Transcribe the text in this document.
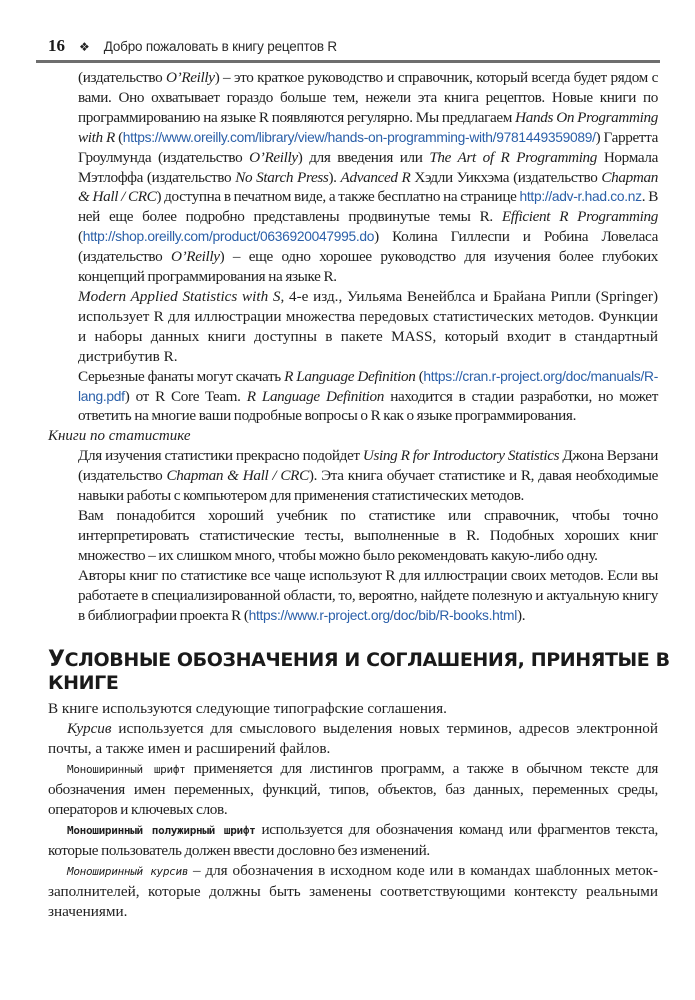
16 ❖ Добро пожаловать в книгу рецептов R

(издательство O’Reilly) – это краткое руководство и справочник, который всегда будет рядом с вами. Оно охватывает гораздо больше тем, нежели эта книга рецептов. Новые книги по программированию на языке R появляются регулярно. Мы предлагаем Hands On Programming with R (https://www.oreilly.com/library/view/hands-on-programming-with/9781449359089/) Гарретта Гроулмунда (издательство O’Reilly) для введения или The Art of R Programming Нормала Мэтлоффа (издательство No Starch Press). Advanced R Хэдли Уикхэма (издательство Chapman & Hall / CRC) доступна в печатном виде, а также бесплатно на странице http://adv-r.had.co.nz. В ней еще более подробно представлены продвинутые темы R. Efficient R Programming (http://shop.oreilly.com/product/0636920047995.do) Колина Гиллеспи и Робина Ловеласа (издательство O’Reilly) – еще одно хорошее руководство для изучения более глубоких концепций программирования на языке R.

Modern Applied Statistics with S, 4-е изд., Уильяма Венейблса и Брайана Рипли (Springer) использует R для иллюстрации множества передовых статистических методов. Функции и наборы данных книги доступны в пакете MASS, который входит в стандартный дистрибутив R.

Серьезные фанаты могут скачать R Language Definition (https://cran.r-project.org/doc/manuals/R-lang.pdf) от R Core Team. R Language Definition находится в стадии разработки, но может ответить на многие ваши подробные вопросы о R как о языке программирования.

Книги по статистике

Для изучения статистики прекрасно подойдет Using R for Introductory Statistics Джона Верзани (издательство Chapman & Hall / CRC). Эта книга обучает статистике и R, давая необходимые навыки работы с компьютером для применения статистических методов.

Вам понадобится хороший учебник по статистике или справочник, чтобы точно интерпретировать статистические тесты, выполненные в R. Подобных хороших книг множество – их слишком много, чтобы можно было рекомендовать какую-либо одну.

Авторы книг по статистике все чаще используют R для иллюстрации своих методов. Если вы работаете в специализированной области, то, вероятно, найдете полезную и актуальную книгу в библиографии проекта R (https://www.r-project.org/doc/bib/R-books.html).

УСЛОВНЫЕ ОБОЗНАЧЕНИЯ И СОГЛАШЕНИЯ, ПРИНЯТЫЕ В КНИГЕ

В книге используются следующие типографские соглашения.

Курсив используется для смыслового выделения новых терминов, адресов электронной почты, а также имен и расширений файлов.

Моноширинный шрифт применяется для листингов программ, а также в обычном тексте для обозначения имен переменных, функций, типов, объектов, баз данных, переменных среды, операторов и ключевых слов.

Моноширинный полужирный шрифт используется для обозначения команд или фрагментов текста, которые пользователь должен ввести дословно без изменений.

Моноширинный курсив – для обозначения в исходном коде или в командах шаблонных меток-заполнителей, которые должны быть заменены соответствующими контексту реальными значениями.
